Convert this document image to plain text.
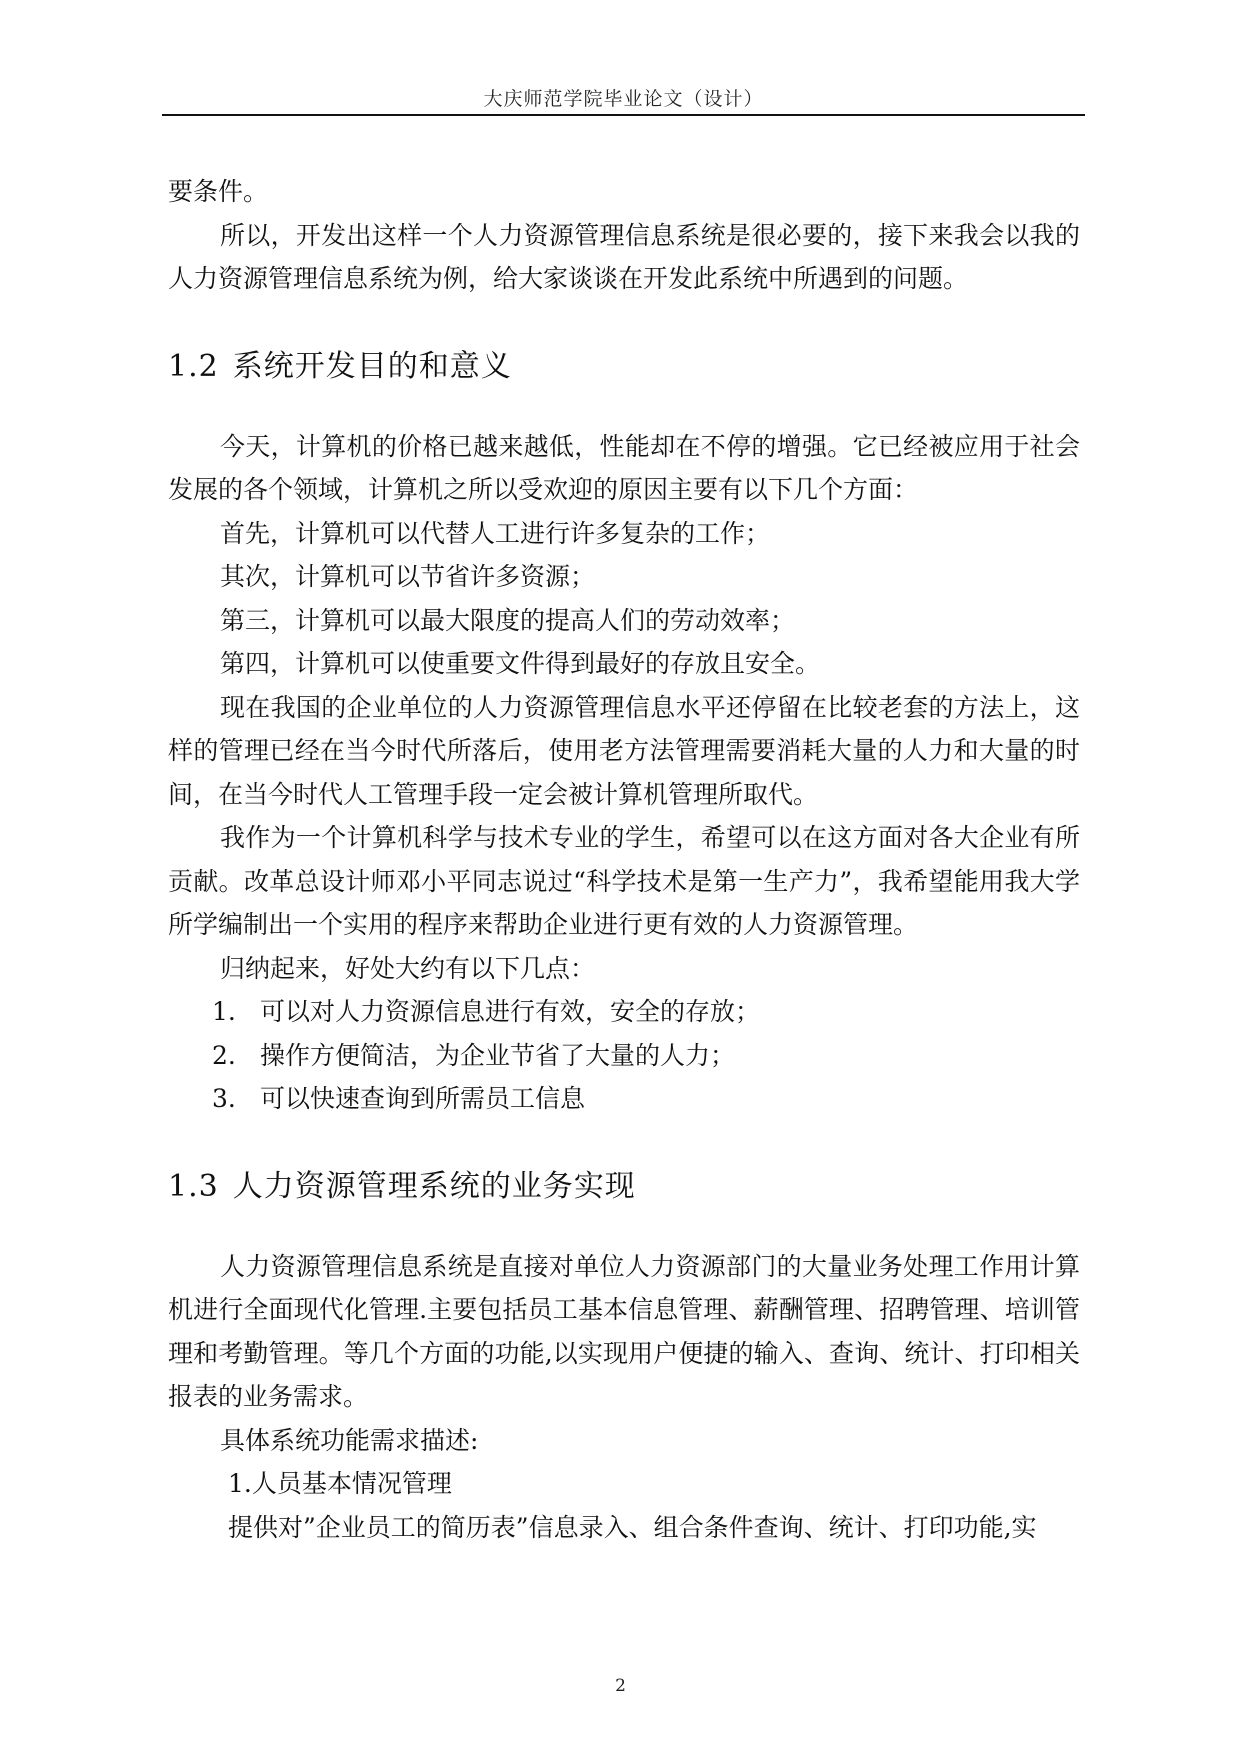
大庆师范学院毕业论文（设计）

要条件。

所以，开发出这样一个人力资源管理信息系统是很必要的，接下来我会以我的人力资源管理信息系统为例，给大家谈谈在开发此系统中所遇到的问题。

1.2 系统开发目的和意义

今天，计算机的价格已越来越低，性能却在不停的增强。它已经被应用于社会发展的各个领域，计算机之所以受欢迎的原因主要有以下几个方面：

首先，计算机可以代替人工进行许多复杂的工作；

其次，计算机可以节省许多资源；

第三，计算机可以最大限度的提高人们的劳动效率；

第四，计算机可以使重要文件得到最好的存放且安全。

现在我国的企业单位的人力资源管理信息水平还停留在比较老套的方法上，这样的管理已经在当今时代所落后，使用老方法管理需要消耗大量的人力和大量的时间，在当今时代人工管理手段一定会被计算机管理所取代。

我作为一个计算机科学与技术专业的学生，希望可以在这方面对各大企业有所贡献。改革总设计师邓小平同志说过“科学技术是第一生产力”，我希望能用我大学所学编制出一个实用的程序来帮助企业进行更有效的人力资源管理。

归纳起来，好处大约有以下几点：

1. 可以对人力资源信息进行有效，安全的存放；

2. 操作方便简洁，为企业节省了大量的人力；

3. 可以快速查询到所需员工信息

1.3 人力资源管理系统的业务实现

人力资源管理信息系统是直接对单位人力资源部门的大量业务处理工作用计算机进行全面现代化管理.主要包括员工基本信息管理、薪酬管理、招聘管理、培训管理和考勤管理。等几个方面的功能,以实现用户便捷的输入、查询、统计、打印相关报表的业务需求。

具体系统功能需求描述:

1.人员基本情况管理

提供对”企业员工的简历表”信息录入、组合条件查询、统计、打印功能,实

2
